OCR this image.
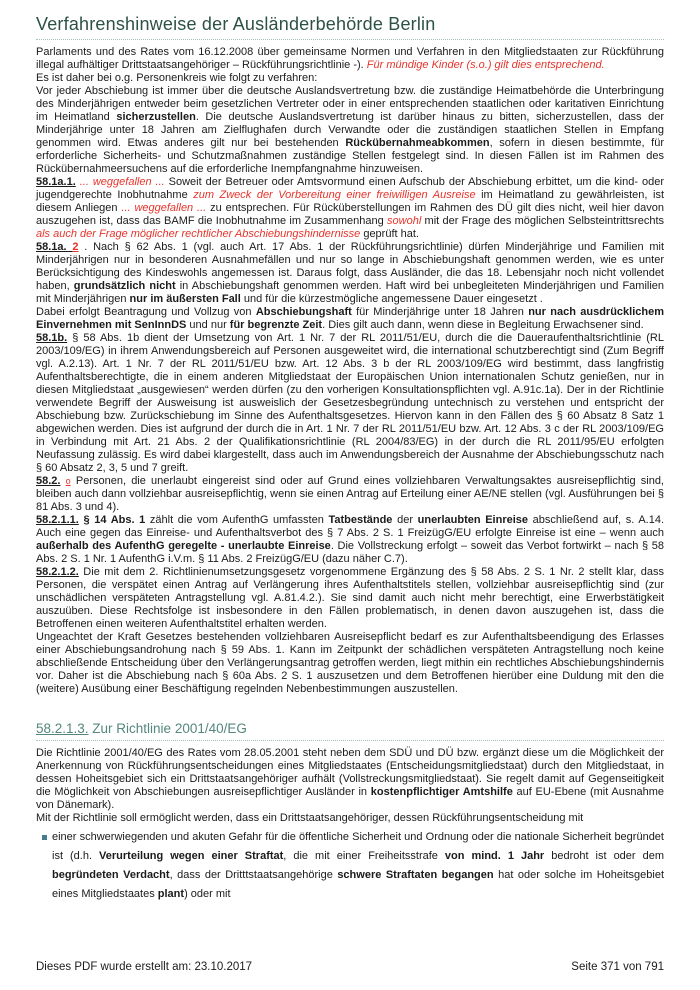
Verfahrenshinweise der Ausländerbehörde Berlin

Parlaments und des Rates vom 16.12.2008 über gemeinsame Normen und Verfahren in den Mitgliedstaaten zur Rückführung illegal aufhältiger Drittstaatsangehöriger – Rückführungsrichtlinie -). Für mündige Kinder (s.o.) gilt dies entsprechend.

Es ist daher bei o.g. Personenkreis wie folgt zu verfahren:

Vor jeder Abschiebung ist immer über die deutsche Auslandsvertretung bzw. die zuständige Heimatbehörde die Unterbringung des Minderjährigen entweder beim gesetzlichen Vertreter oder in einer entsprechenden staatlichen oder karitativen Einrichtung im Heimatland sicherzustellen. Die deutsche Auslandsvertretung ist darüber hinaus zu bitten, sicherzustellen, dass der Minderjährige unter 18 Jahren am Zielflughafen durch Verwandte oder die zuständigen staatlichen Stellen in Empfang genommen wird. Etwas anderes gilt nur bei bestehenden Rückübernahmeabkommen, sofern in diesen bestimmte, für erforderliche Sicherheits- und Schutzmaßnahmen zuständige Stellen festgelegt sind. In diesen Fällen ist im Rahmen des Rückübernahmeersuchens auf die erforderliche Inempfangnahme hinzuweisen.

58.1a.1. ... weggefallen ... Soweit der Betreuer oder Amtsvormund einen Aufschub der Abschiebung erbittet, um die kind- oder jugendgerechte Inobhutnahme zum Zweck der Vorbereitung einer freiwilligen Ausreise im Heimatland zu gewährleisten, ist diesem Anliegen ... weggefallen ... zu entsprechen. Für Rücküberstellungen im Rahmen des DÜ gilt dies nicht, weil hier davon auszugehen ist, dass das BAMF die Inobhutnahme im Zusammenhang sowohl mit der Frage des möglichen Selbsteintrittsrechts als auch der Frage möglicher rechtlicher Abschiebungshindernisse geprüft hat.

58.1a. 2 . Nach § 62 Abs. 1 (vgl. auch Art. 17 Abs. 1 der Rückführungsrichtlinie) dürfen Minderjährige und Familien mit Minderjährigen nur in besonderen Ausnahmefällen und nur so lange in Abschiebungshaft genommen werden, wie es unter Berücksichtigung des Kindeswohls angemessen ist. Daraus folgt, dass Ausländer, die das 18. Lebensjahr noch nicht vollendet haben, grundsätzlich nicht in Abschiebungshaft genommen werden. Haft wird bei unbegleiteten Minderjährigen und Familien mit Minderjährigen nur im äußersten Fall und für die kürzestmögliche angemessene Dauer eingesetzt .

Dabei erfolgt Beantragung und Vollzug von Abschiebungshaft für Minderjährige unter 18 Jahren nur nach ausdrücklichem Einvernehmen mit SenInnDS und nur für begrenzte Zeit. Dies gilt auch dann, wenn diese in Begleitung Erwachsener sind.

58.1b. § 58 Abs. 1b dient der Umsetzung von Art. 1 Nr. 7 der RL 2011/51/EU, durch die die Daueraufenthaltsrichtlinie (RL 2003/109/EG) in ihrem Anwendungsbereich auf Personen ausgeweitet wird, die international schutzberechtigt sind (Zum Begriff vgl. A.2.13). Art. 1 Nr. 7 der RL 2011/51/EU bzw. Art. 12 Abs. 3 b der RL 2003/109/EG wird bestimmt, dass langfristig Aufenthaltsberechtigte, die in einem anderen Mitgliedstaat der Europäischen Union internationalen Schutz genießen, nur in diesen Mitgliedstaat „ausgewiesen“ werden dürfen (zu den vorherigen Konsultationspflichten vgl. A.91c.1a). Der in der Richtlinie verwendete Begriff der Ausweisung ist ausweislich der Gesetzesbegründung untechnisch zu verstehen und entspricht der Abschiebung bzw. Zurückschiebung im Sinne des Aufenthaltsgesetzes. Hiervon kann in den Fällen des § 60 Absatz 8 Satz 1 abgewichen werden. Dies ist aufgrund der durch die in Art. 1 Nr. 7 der RL 2011/51/EU bzw. Art. 12 Abs. 3 c der RL 2003/109/EG in Verbindung mit Art. 21 Abs. 2 der Qualifikationsrichtlinie (RL 2004/83/EG) in der durch die RL 2011/95/EU erfolgten Neufassung zulässig. Es wird dabei klargestellt, dass auch im Anwendungsbereich der Ausnahme der Abschiebungsschutz nach § 60 Absatz 2, 3, 5 und 7 greift.

58.2. o Personen, die unerlaubt eingereist sind oder auf Grund eines vollziehbaren Verwaltungsaktes ausreisepflichtig sind, bleiben auch dann vollziehbar ausreisepflichtig, wenn sie einen Antrag auf Erteilung einer AE/NE stellen (vgl. Ausführungen bei § 81 Abs. 3 und 4).

58.2.1.1. § 14 Abs. 1 zählt die vom AufenthG umfassten Tatbestände der unerlaubten Einreise abschließend auf, s. A.14. Auch eine gegen das Einreise- und Aufenthaltsverbot des § 7 Abs. 2 S. 1 FreizügG/EU erfolgte Einreise ist eine – wenn auch außerhalb des AufenthG geregelte - unerlaubte Einreise. Die Vollstreckung erfolgt – soweit das Verbot fortwirkt – nach § 58 Abs. 2 S. 1 Nr. 1 AufenthG i.V.m. § 11 Abs. 2 FreizügG/EU (dazu näher C.7).

58.2.1.2. Die mit dem 2. Richtlinienumsetzungsgesetz vorgenommene Ergänzung des § 58 Abs. 2 S. 1 Nr. 2 stellt klar, dass Personen, die verspätet einen Antrag auf Verlängerung ihres Aufenthaltstitels stellen, vollziehbar ausreisepflichtig sind (zur unschädlichen verspäteten Antragstellung vgl. A.81.4.2.). Sie sind damit auch nicht mehr berechtigt, eine Erwerbstätigkeit auszuüben. Diese Rechtsfolge ist insbesondere in den Fällen problematisch, in denen davon auszugehen ist, dass die Betroffenen einen weiteren Aufenthaltstitel erhalten werden.

Ungeachtet der Kraft Gesetzes bestehenden vollziehbaren Ausreisepflicht bedarf es zur Aufenthaltsbeendigung des Erlasses einer Abschiebungsandrohung nach § 59 Abs. 1. Kann im Zeitpunkt der schädlichen verspäteten Antragstellung noch keine abschließende Entscheidung über den Verlängerungsantrag getroffen werden, liegt mithin ein rechtliches Abschiebungshindernis vor. Daher ist die Abschiebung nach § 60a Abs. 2 S. 1 auszusetzen und dem Betroffenen hierüber eine Duldung mit den die (weitere) Ausübung einer Beschäftigung regelnden Nebenbestimmungen auszustellen.

58.2.1.3. Zur Richtlinie 2001/40/EG

Die Richtlinie 2001/40/EG des Rates vom 28.05.2001 steht neben dem SDÜ und DÜ bzw. ergänzt diese um die Möglichkeit der Anerkennung von Rückführungsentscheidungen eines Mitgliedstaates (Entscheidungsmitgliedstaat) durch den Mitgliedstaat, in dessen Hoheitsgebiet sich ein Drittstaatsangehöriger aufhält (Vollstreckungsmitgliedstaat). Sie regelt damit auf Gegenseitigkeit die Möglichkeit von Abschiebungen ausreisepflichtiger Ausländer in kostenpflichtiger Amtshilfe auf EU-Ebene (mit Ausnahme von Dänemark).

Mit der Richtlinie soll ermöglicht werden, dass ein Drittstaatsangehöriger, dessen Rückführungsentscheidung mit

einer schwerwiegenden und akuten Gefahr für die öffentliche Sicherheit und Ordnung oder die nationale Sicherheit begründet ist (d.h. Verurteilung wegen einer Straftat, die mit einer Freiheitsstrafe von mind. 1 Jahr bedroht ist oder dem begründeten Verdacht, dass der Dritttstaatsangehörige schwere Straftaten begangen hat oder solche im Hoheitsgebiet eines Mitgliedstaates plant) oder mit
Dieses PDF wurde erstellt am: 23.10.2017	Seite 371 von 791
